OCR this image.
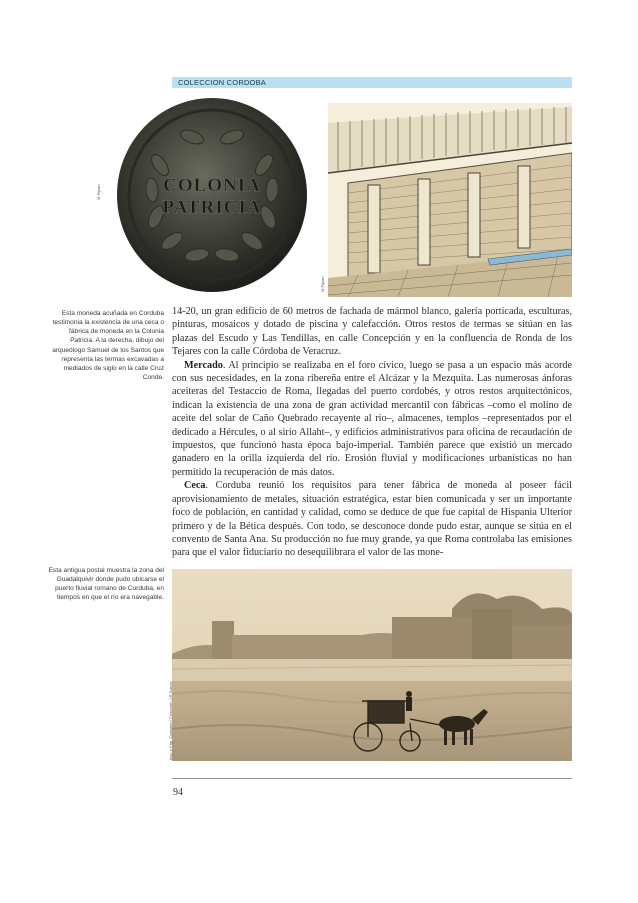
COLECCION CORDOBA
COLONIA
PATRICIA
M.Pijoan
M.Pijoan
Esta moneda acuñada en Corduba testimonia la existencia de una ceca o fábrica de moneda en la Colonia Patricia. A la derecha, dibujo del arqueólogo Samuel de los Santos que representa las termas excavadas a mediados de siglo en la calle Cruz Conde.
Esta antigua postal muestra la zona del Guadalquivir donde pudo ubicarse el puerto fluvial romano de Corduba, en tiempos en que el río era navegable.

14-20, un gran edificio de 60 metros de fachada de mármol blanco, galería porticada, esculturas, pinturas, mosaicos y dotado de piscina y calefacción. Otros restos de termas se sitúan en las plazas del Escudo y Las Tendillas, en calle Concepción y en la confluencia de Ronda de los Tejares con la calle Córdoba de Veracruz.

Mercado. Al principio se realizaba en el foro cívico, luego se pasa a un espacio más acorde con sus necesidades, en la zona ribereña entre el Alcázar y la Mezquita. Las numerosas ánforas aceiteras del Testaccio de Roma, llegadas del puerto cordobés, y otros restos arquitectónicos, indican la existencia de una zona de gran actividad mercantil con fábricas –como el molino de aceite del solar de Caño Quebrado recayente al río–, almacenes, templos –representados por el dedicado a Hércules, o al sirio Allaht–, y edificios administrativos para oficina de recaudación de impuestos, que funcionó hasta época bajo-imperial. También parece que existió un mercado ganadero en la orilla izquierda del río. Erosión fluvial y modificaciones urbanísticas no han permitido la recuperación de más datos.

Ceca. Corduba reunió los requisitos para tener fábrica de moneda al poseer fácil aprovisionamiento de metales, situación estratégica, estar bien comunicada y ser un importante foco de población, en cantidad y calidad, como se deduce de que fue capital de Hispania Ulterior primero y de la Bética después. Con todo, se desconoce donde pudo estar, aunque se sitúa en el convento de Santa Ana. Su producción no fue muy grande, ya que Roma controlaba las emisiones para que el valor fiduciario no desequilibrara el valor de las mone-

Imp. y Pap. Castuera / Colección J.R.Garcia
94
